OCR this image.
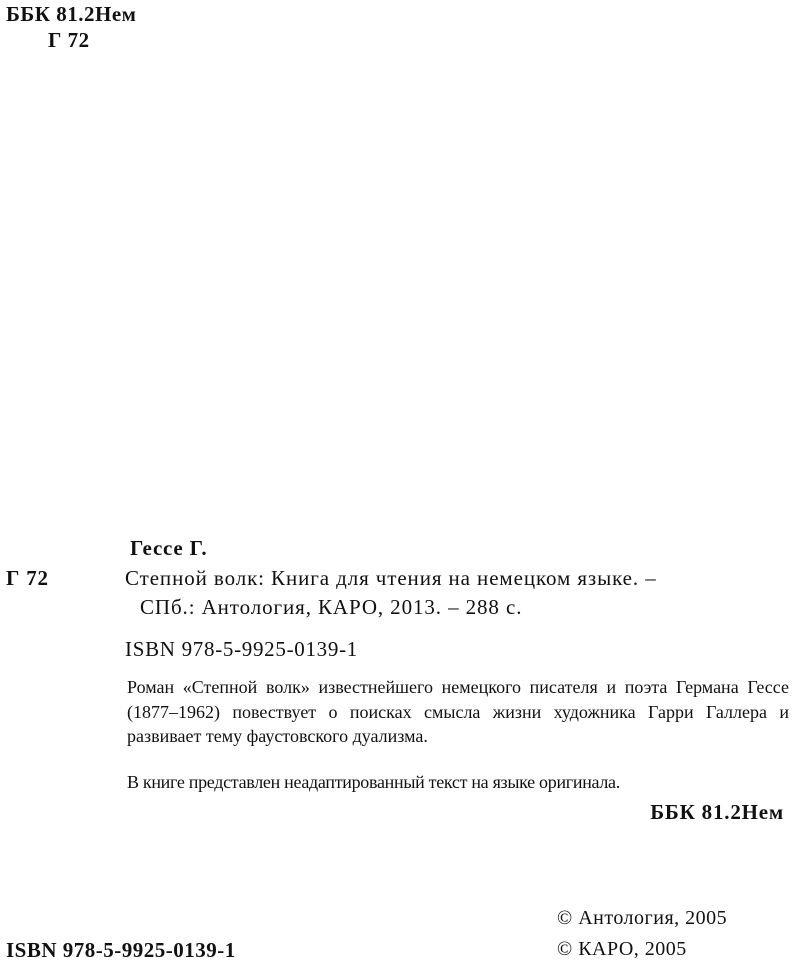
ББК 81.2Нем
Г 72
Гессе Г.
Г 72	Степной волк: Книга для чтения на немецком языке. –
СПб.: Антология, КАРО, 2013. – 288 с.
ISBN 978-5-9925-0139-1
Роман «Степной волк» известнейшего немецкого писателя и поэта Германа Гессе (1877–1962) повествует о поисках смысла жизни художника Гарри Галлера и развивает тему фаустовского дуализма.
В книге представлен неадаптированный текст на языке оригинала.
ББК 81.2Нем
ISBN 978-5-9925-0139-1
© Антология, 2005
© КАРО, 2005
